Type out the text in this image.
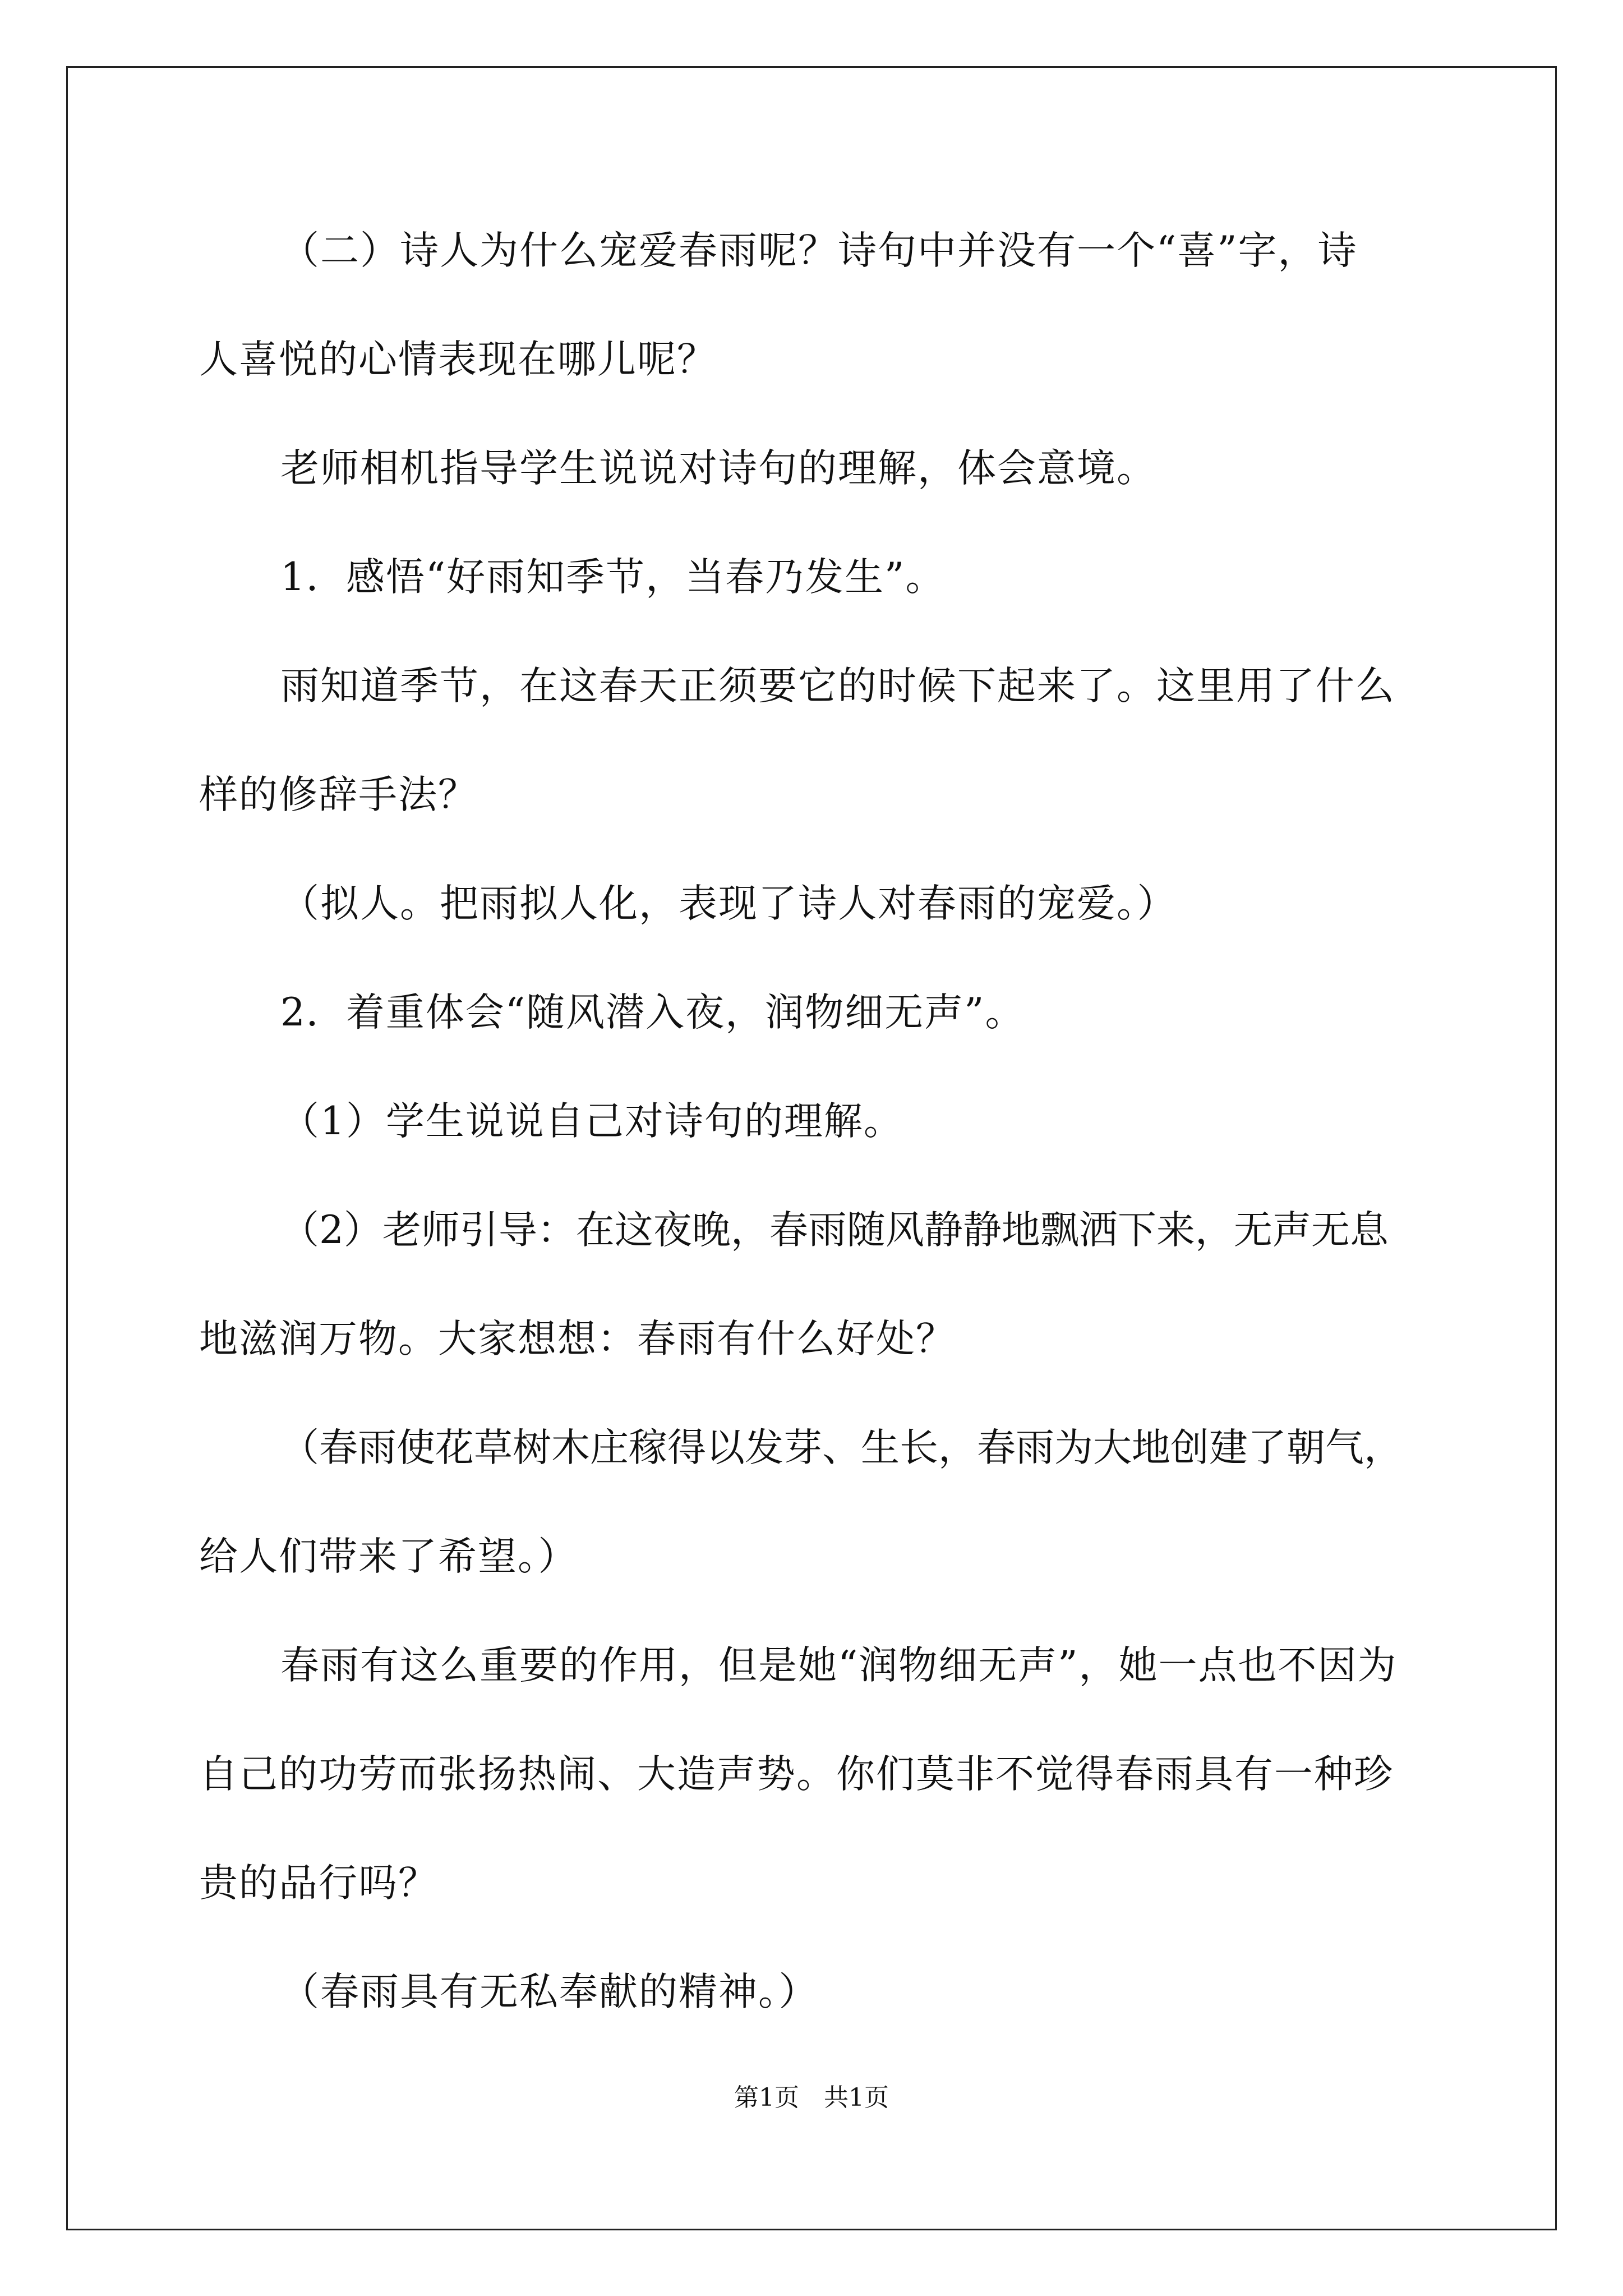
（二）诗人为什么宠爱春雨呢？诗句中并没有一个“喜”字，诗
人喜悦的心情表现在哪儿呢？
老师相机指导学生说说对诗句的理解，体会意境。
1．感悟“好雨知季节，当春乃发生”。
雨知道季节，在这春天正须要它的时候下起来了。这里用了什么
样的修辞手法？
（拟人。把雨拟人化，表现了诗人对春雨的宠爱。）
2．着重体会“随风潜入夜，润物细无声”。
（1）学生说说自己对诗句的理解。
（2）老师引导：在这夜晚，春雨随风静静地飘洒下来，无声无息
地滋润万物。大家想想：春雨有什么好处？
（春雨使花草树木庄稼得以发芽、生长，春雨为大地创建了朝气，
给人们带来了希望。）
春雨有这么重要的作用，但是她“润物细无声”，她一点也不因为
自己的功劳而张扬热闹、大造声势。你们莫非不觉得春雨具有一种珍
贵的品行吗？
（春雨具有无私奉献的精神。）
第1页　共1页
